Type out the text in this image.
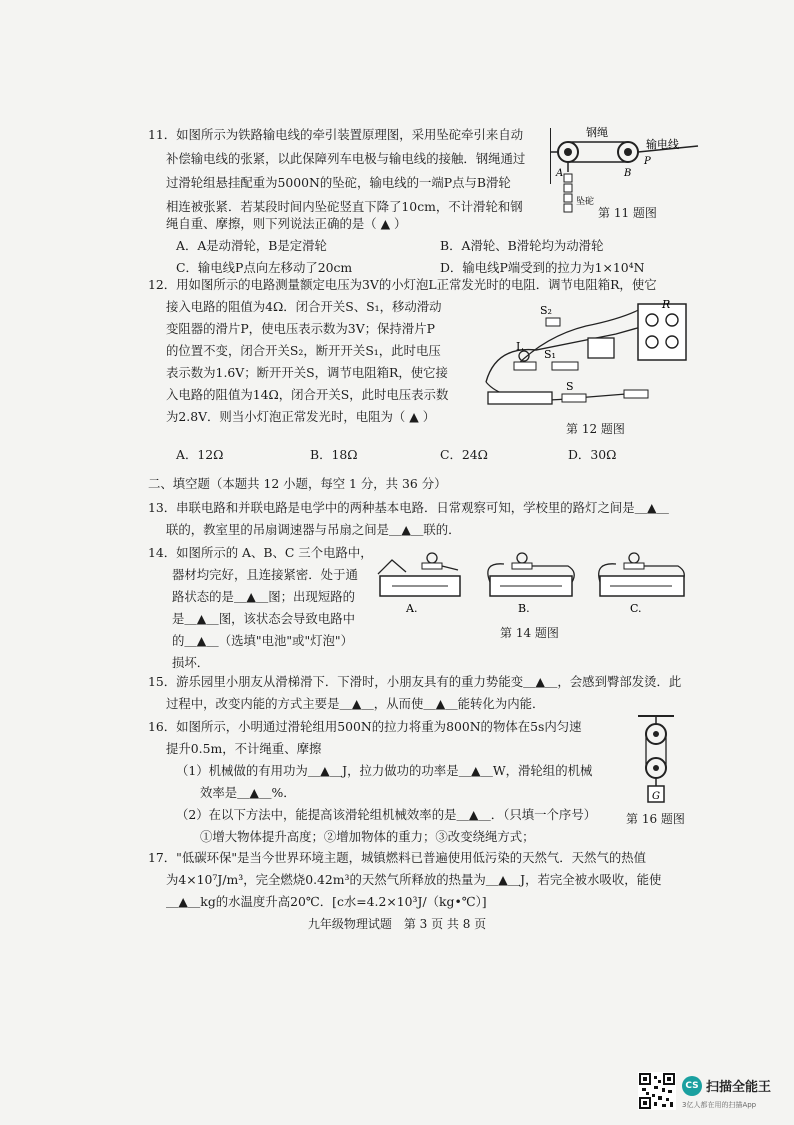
11．如图所示为铁路输电线的牵引装置原理图，采用坠砣牵引来自动
补偿输电线的张紧，以此保障列车电极与输电线的接触．钢绳通过
过滑轮组悬挂配重为5000N的坠砣，输电线的一端P点与B滑轮
相连被张紧．若某段时间内坠砣竖直下降了10cm，不计滑轮和钢
绳自重、摩擦，则下列说法正确的是（ ▲ ）
A．A是动滑轮，B是定滑轮	B．A滑轮、B滑轮均为动滑轮
C．输电线P点向左移动了20cm	D．输电线P端受到的拉力为1×10⁴N
钢绳
输电线
A	B
P
坠砣
第 11 题图
12．用如图所示的电路测量额定电压为3V的小灯泡L正常发光时的电阻．调节电阻箱R，使它
接入电路的阻值为4Ω．闭合开关S、S₁，移动滑动
变阻器的滑片P，使电压表示数为3V；保持滑片P
的位置不变，闭合开关S₂，断开开关S₁，此时电压
表示数为1.6V；断开开关S，调节电阻箱R，使它接
入电路的阻值为14Ω，闭合开关S，此时电压表示数
为2.8V．则当小灯泡正常发光时，电阻为（ ▲ ）
A．12Ω	B．18Ω	C．24Ω	D．30Ω
R
S₂
L
S₁
S
第 12 题图
二、填空题（本题共 12 小题，每空 1 分，共 36 分）
13．串联电路和并联电路是电学中的两种基本电路．日常观察可知，学校里的路灯之间是＿▲＿
联的，教室里的吊扇调速器与吊扇之间是＿▲＿联的．
14．如图所示的 A、B、C 三个电路中，
器材均完好，且连接紧密．处于通
路状态的是＿▲＿图；出现短路的
是＿▲＿图，该状态会导致电路中
的＿▲＿（选填"电池"或"灯泡"）
损坏．
A.	B.	C.
第 14 题图
15．游乐园里小朋友从滑梯滑下．下滑时，小朋友具有的重力势能变＿▲＿，会感到臀部发烫．此
过程中，改变内能的方式主要是＿▲＿，从而使＿▲＿能转化为内能．
16．如图所示，小明通过滑轮组用500N的拉力将重为800N的物体在5s内匀速
提升0.5m，不计绳重、摩擦
（1）机械做的有用功为＿▲＿J，拉力做功的功率是＿▲＿W，滑轮组的机械
效率是＿▲＿%．
（2）在以下方法中，能提高该滑轮组机械效率的是＿▲＿．（只填一个序号）
①增大物体提升高度；②增加物体的重力；③改变绕绳方式；
G
第 16 题图
17．"低碳环保"是当今世界环境主题，城镇燃料已普遍使用低污染的天然气．天然气的热值
为4×10⁷J/m³，完全燃烧0.42m³的天然气所释放的热量为＿▲＿J，若完全被水吸收，能使
＿▲＿kg的水温度升高20℃．[c水=4.2×10³J/（kg•℃）]
九年级物理试题　第 3 页 共 8 页
CS 扫描全能王
3亿人都在用的扫描App
